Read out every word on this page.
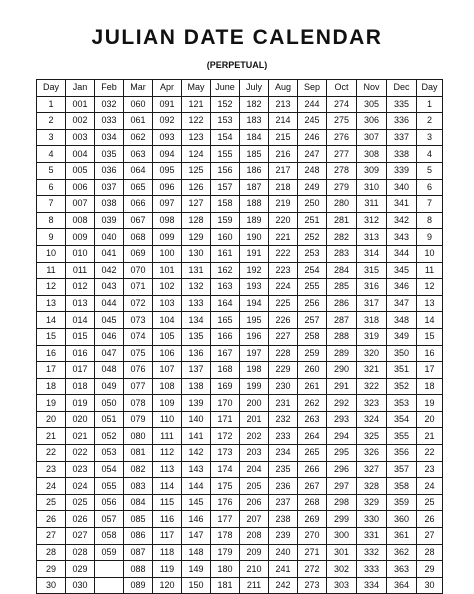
JULIAN DATE CALENDAR
(PERPETUAL)
Day	Jan	Feb	Mar	Apr	May	June	July	Aug	Sep	Oct	Nov	Dec	Day
1	001	032	060	091	121	152	182	213	244	274	305	335	1
2	002	033	061	092	122	153	183	214	245	275	306	336	2
3	003	034	062	093	123	154	184	215	246	276	307	337	3
4	004	035	063	094	124	155	185	216	247	277	308	338	4
5	005	036	064	095	125	156	186	217	248	278	309	339	5
6	006	037	065	096	126	157	187	218	249	279	310	340	6
7	007	038	066	097	127	158	188	219	250	280	311	341	7
8	008	039	067	098	128	159	189	220	251	281	312	342	8
9	009	040	068	099	129	160	190	221	252	282	313	343	9
10	010	041	069	100	130	161	191	222	253	283	314	344	10
11	011	042	070	101	131	162	192	223	254	284	315	345	11
12	012	043	071	102	132	163	193	224	255	285	316	346	12
13	013	044	072	103	133	164	194	225	256	286	317	347	13
14	014	045	073	104	134	165	195	226	257	287	318	348	14
15	015	046	074	105	135	166	196	227	258	288	319	349	15
16	016	047	075	106	136	167	197	228	259	289	320	350	16
17	017	048	076	107	137	168	198	229	260	290	321	351	17
18	018	049	077	108	138	169	199	230	261	291	322	352	18
19	019	050	078	109	139	170	200	231	262	292	323	353	19
20	020	051	079	110	140	171	201	232	263	293	324	354	20
21	021	052	080	111	141	172	202	233	264	294	325	355	21
22	022	053	081	112	142	173	203	234	265	295	326	356	22
23	023	054	082	113	143	174	204	235	266	296	327	357	23
24	024	055	083	114	144	175	205	236	267	297	328	358	24
25	025	056	084	115	145	176	206	237	268	298	329	359	25
26	026	057	085	116	146	177	207	238	269	299	330	360	26
27	027	058	086	117	147	178	208	239	270	300	331	361	27
28	028	059	087	118	148	179	209	240	271	301	332	362	28
29	029		088	119	149	180	210	241	272	302	333	363	29
30	030		089	120	150	181	211	242	273	303	334	364	30
